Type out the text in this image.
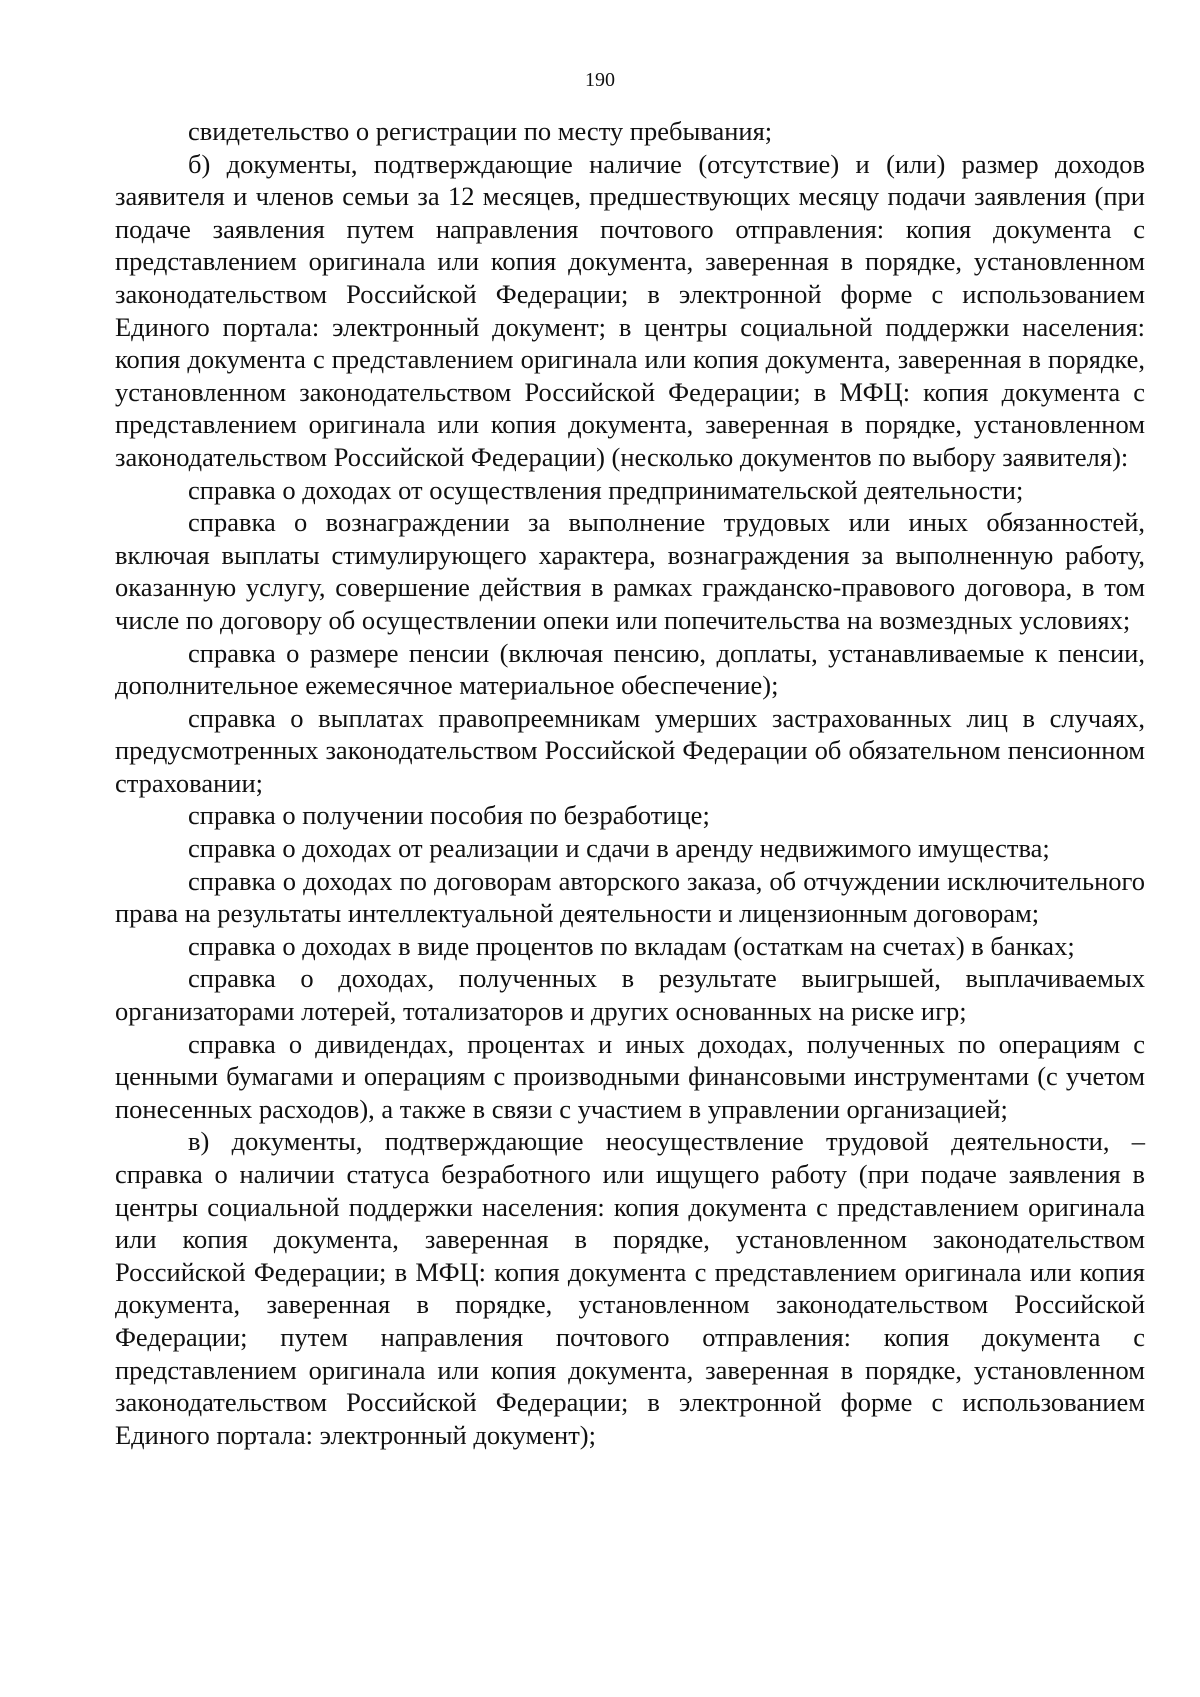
190

свидетельство о регистрации по месту пребывания;

б) документы, подтверждающие наличие (отсутствие) и (или) размер доходов заявителя и членов семьи за 12 месяцев, предшествующих месяцу подачи заявления (при подаче заявления путем направления почтового отправления: копия документа с представлением оригинала или копия документа, заверенная в порядке, установленном законодательством Российской Федерации; в электронной форме с использованием Единого портала: электронный документ; в центры социальной поддержки населения: копия документа с представлением оригинала или копия документа, заверенная в порядке, установленном законодательством Российской Федерации; в МФЦ: копия документа с представлением оригинала или копия документа, заверенная в порядке, установленном законодательством Российской Федерации) (несколько документов по выбору заявителя):

справка о доходах от осуществления предпринимательской деятельности;

справка о вознаграждении за выполнение трудовых или иных обязанностей, включая выплаты стимулирующего характера, вознаграждения за выполненную работу, оказанную услугу, совершение действия в рамках гражданско-правового договора, в том числе по договору об осуществлении опеки или попечительства на возмездных условиях;

справка о размере пенсии (включая пенсию, доплаты, устанавливаемые к пенсии, дополнительное ежемесячное материальное обеспечение);

справка о выплатах правопреемникам умерших застрахованных лиц в случаях, предусмотренных законодательством Российской Федерации об обязательном пенсионном страховании;

справка о получении пособия по безработице;

справка о доходах от реализации и сдачи в аренду недвижимого имущества;

справка о доходах по договорам авторского заказа, об отчуждении исключительного права на результаты интеллектуальной деятельности и лицензионным договорам;

справка о доходах в виде процентов по вкладам (остаткам на счетах) в банках;

справка о доходах, полученных в результате выигрышей, выплачиваемых организаторами лотерей, тотализаторов и других основанных на риске игр;

справка о дивидендах, процентах и иных доходах, полученных по операциям с ценными бумагами и операциям с производными финансовыми инструментами (с учетом понесенных расходов), а также в связи с участием в управлении организацией;

в) документы, подтверждающие неосуществление трудовой деятельности, – справка о наличии статуса безработного или ищущего работу (при подаче заявления в центры социальной поддержки населения: копия документа с представлением оригинала или копия документа, заверенная в порядке, установленном законодательством Российской Федерации; в МФЦ: копия документа с представлением оригинала или копия документа, заверенная в порядке, установленном законодательством Российской Федерации; путем направления почтового отправления: копия документа с представлением оригинала или копия документа, заверенная в порядке, установленном законодательством Российской Федерации; в электронной форме с использованием Единого портала: электронный документ);
